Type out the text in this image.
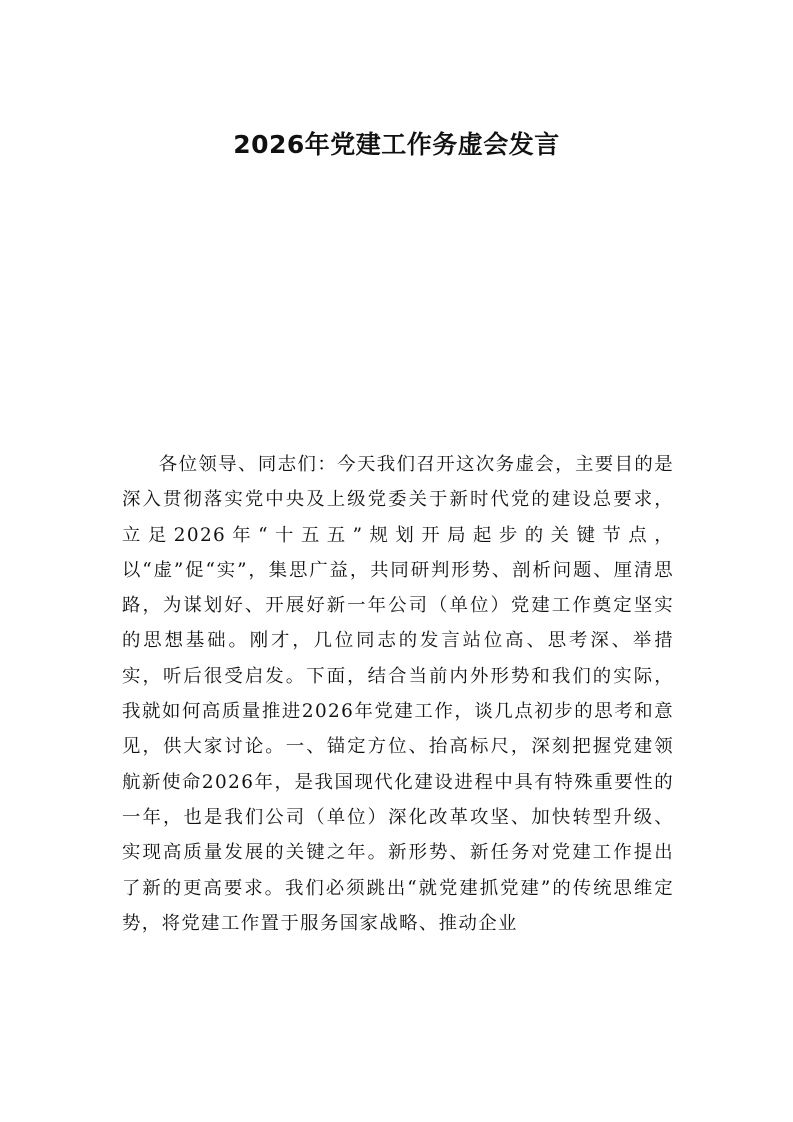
2026年党建工作务虚会发言

各位领导、同志们：今天我们召开这次务虚会，主要目的是深入贯彻落实党中央及上级党委关于新时代党的建设总要求，立足2026年“十五五”规划开局起步的关键节点，以“虚”促“实”，集思广益，共同研判形势、剖析问题、厘清思路，为谋划好、开展好新一年公司（单位）党建工作奠定坚实的思想基础。刚才，几位同志的发言站位高、思考深、举措实，听后很受启发。下面，结合当前内外形势和我们的实际，我就如何高质量推进2026年党建工作，谈几点初步的思考和意见，供大家讨论。一、锚定方位、抬高标尺，深刻把握党建领航新使命2026年，是我国现代化建设进程中具有特殊重要性的一年，也是我们公司（单位）深化改革攻坚、加快转型升级、实现高质量发展的关键之年。新形势、新任务对党建工作提出了新的更高要求。我们必须跳出“就党建抓党建”的传统思维定势，将党建工作置于服务国家战略、推动企业
